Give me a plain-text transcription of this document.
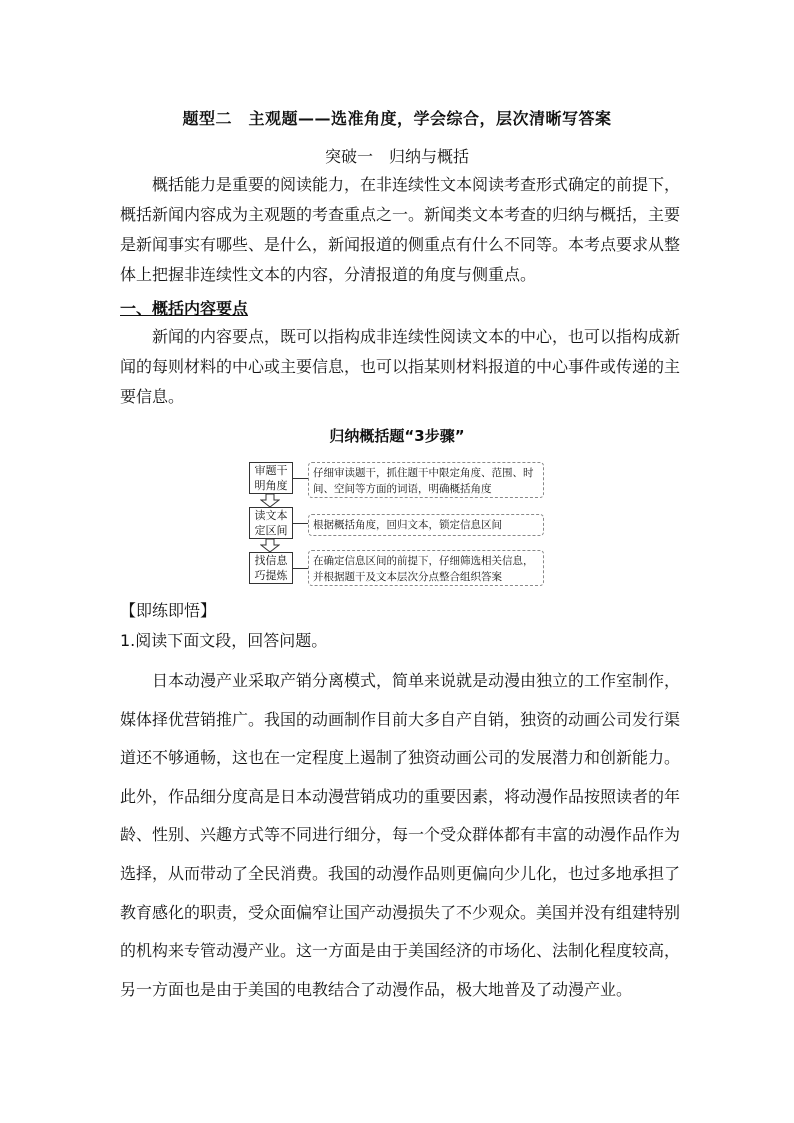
题型二　主观题——选准角度，学会综合，层次清晰写答案
突破一　归纳与概括

概括能力是重要的阅读能力，在非连续性文本阅读考查形式确定的前提下，概括新闻内容成为主观题的考查重点之一。新闻类文本考查的归纳与概括，主要是新闻事实有哪些、是什么，新闻报道的侧重点有什么不同等。本考点要求从整体上把握非连续性文本的内容，分清报道的角度与侧重点。

一、概括内容要点

新闻的内容要点，既可以指构成非连续性阅读文本的中心，也可以指构成新闻的每则材料的中心或主要信息，也可以指某则材料报道的中心事件或传递的主要信息。

归纳概括题“3步骤”
审题干
明角度
仔细审读题干，抓住题干中限定角度、范围、时间、空间等方面的词语，明确概括角度
读文本
定区间	根据概括角度，回归文本，锁定信息区间
找信息
巧提炼
在确定信息区间的前提下，仔细筛选相关信息，并根据题干及文本层次分点整合组织答案
【即练即悟】
1.阅读下面文段，回答问题。

日本动漫产业采取产销分离模式，简单来说就是动漫由独立的工作室制作，媒体择优营销推广。我国的动画制作目前大多自产自销，独资的动画公司发行渠道还不够通畅，这也在一定程度上遏制了独资动画公司的发展潜力和创新能力。此外，作品细分度高是日本动漫营销成功的重要因素，将动漫作品按照读者的年龄、性别、兴趣方式等不同进行细分，每一个受众群体都有丰富的动漫作品作为选择，从而带动了全民消费。我国的动漫作品则更偏向少儿化，也过多地承担了教育感化的职责，受众面偏窄让国产动漫损失了不少观众。美国并没有组建特别的机构来专管动漫产业。这一方面是由于美国经济的市场化、法制化程度较高，另一方面也是由于美国的电教结合了动漫作品，极大地普及了动漫产业。
